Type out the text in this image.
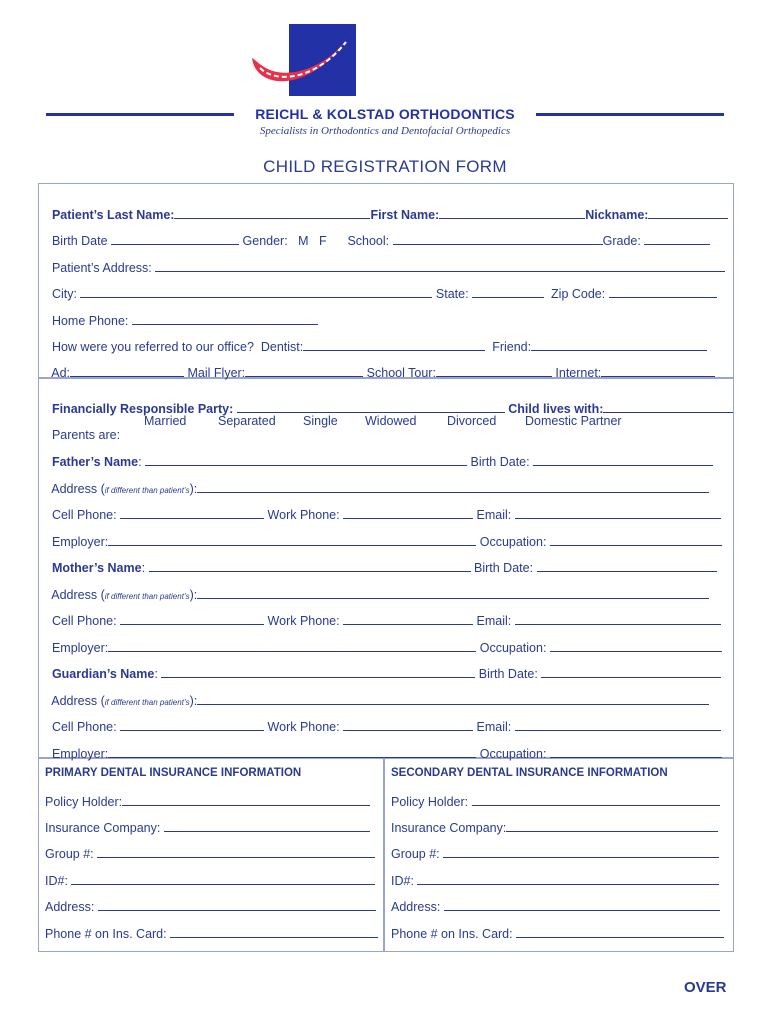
REICHL & KOLSTAD ORTHODONTICS
Specialists in Orthodontics and Dentofacial Orthopedics
CHILD REGISTRATION FORM

Patient’s Last Name:	First Name:	Nickname:

Birth Date	Gender: M F School:	Grade:

Patient’s Address:

City:	State:	Zip Code:

Home Phone:

How were you referred to our office?  Dentist:	Friend:

Ad:	Mail Flyer:	School Tour:	Internet:

Financially Responsible Party:	Child lives with:

Parents are:

Married	Separated Single Widowed Divorced Domestic Partner

Father’s Name:	Birth Date:

Address (if different than patient’s):

Cell Phone:	Work Phone:	Email:

Employer:	Occupation:

Mother’s Name:	Birth Date:

Address (if different than patient’s):

Cell Phone:	Work Phone:	Email:

Employer:	Occupation:

Guardian’s Name:	Birth Date:

Address (if different than patient’s):

Cell Phone:	Work Phone:	Email:

Employer:	Occupation:

PRIMARY DENTAL INSURANCE INFORMATION
Policy Holder:
Insurance Company:
Group #:
ID#:
Address:
Phone # on Ins. Card:
SECONDARY DENTAL INSURANCE INFORMATION
Policy Holder:
Insurance Company:
Group #:
ID#:
Address:
Phone # on Ins. Card:
OVER
